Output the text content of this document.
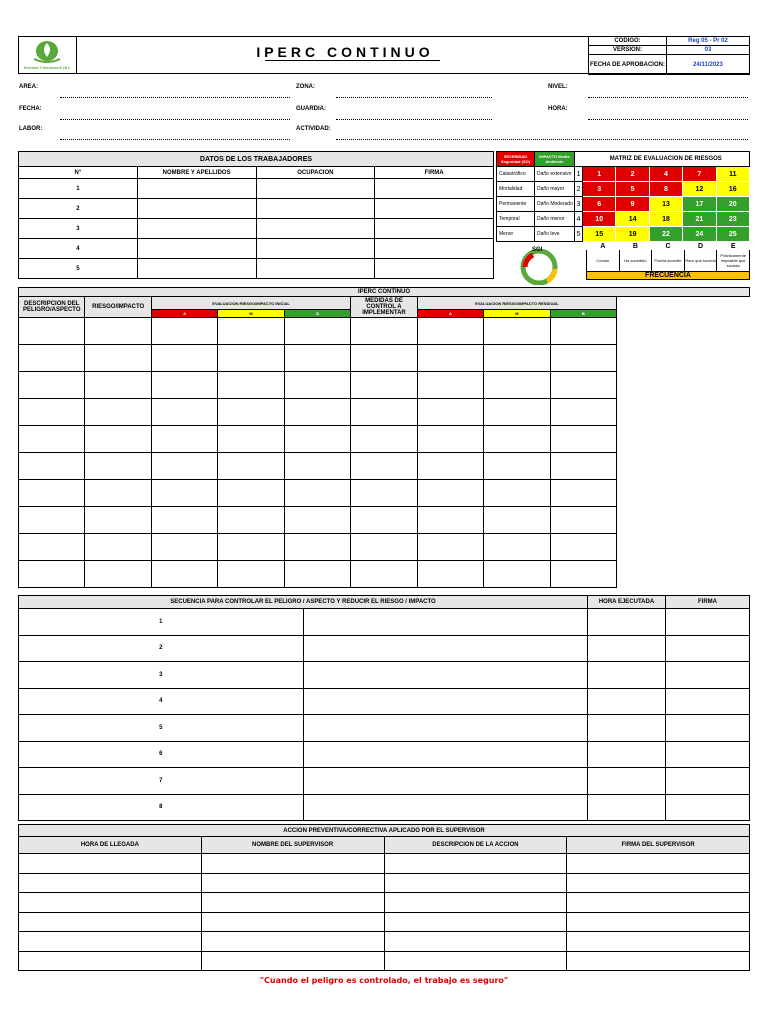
Greenies Y Servicios E.I.R.L.
IPERC CONTINUO
CODIGO:	Reg 05 - Pr 02
VERSION:	03
FECHA DE APROBACION:	24/11/2023
AREA:	ZONA:	NIVEL:
FECHA:	GUARDIA:	HORA:
LABOR:	ACTIVIDAD:
DATOS DE LOS TRABAJADORES			
N°	NOMBRE Y APELLIDOS	OCUPACION	FIRMA
1			
2			
3			
4			
5			
SEVERIDAD Seguridad (SO)	IMPACTO Medio Ambiente		MATRIZ DE EVALUACION DE RIESGOS				
Catastrófico	Daño extensivo	1	1	2	4	7	11
Mortalidad	Daño mayor	2	3	5	8	12	16
Permanente	Daño Moderado	3	6	9	13	17	20
Temporal	Daño menor	4	10	14	18	21	23
Menor	Daño leve	5	15	19	22	24	25
SGI
A	B	C	D	E
Común	Ha sucedido	Podría suceder	Raro que suceda	Prácticamente imposible que suceda
FRECUENCIA				
IPERC CONTINUO								
DESCRIPCION DEL PELIGRO/ASPECTO	RIESGO/IMPACTO	EVALUACION RIESGO/IMPACTO INICIAL			MEDIDAS DE CONTROL A IMPLEMENTAR	EVALUACION RIESGO/IMPACTO RESIDUAL		
		A	M	B		A	M	B

SECUENCIA PARA CONTROLAR EL PELIGRO / ASPECTO Y REDUCIR EL RIESGO / IMPACTO		HORA EJECUTADA	FIRMA
1			
2			
3			
4			
5			
6			
7			
8			
ACCION PREVENTIVA/CORRECTIVA APLICADO POR EL SUPERVISOR			
HORA DE LLEGADA	NOMBRE DEL SUPERVISOR	DESCRIPCION DE LA ACCION	FIRMA DEL SUPERVISOR

"Cuando el peligro es controlado, el trabajo es seguro"
